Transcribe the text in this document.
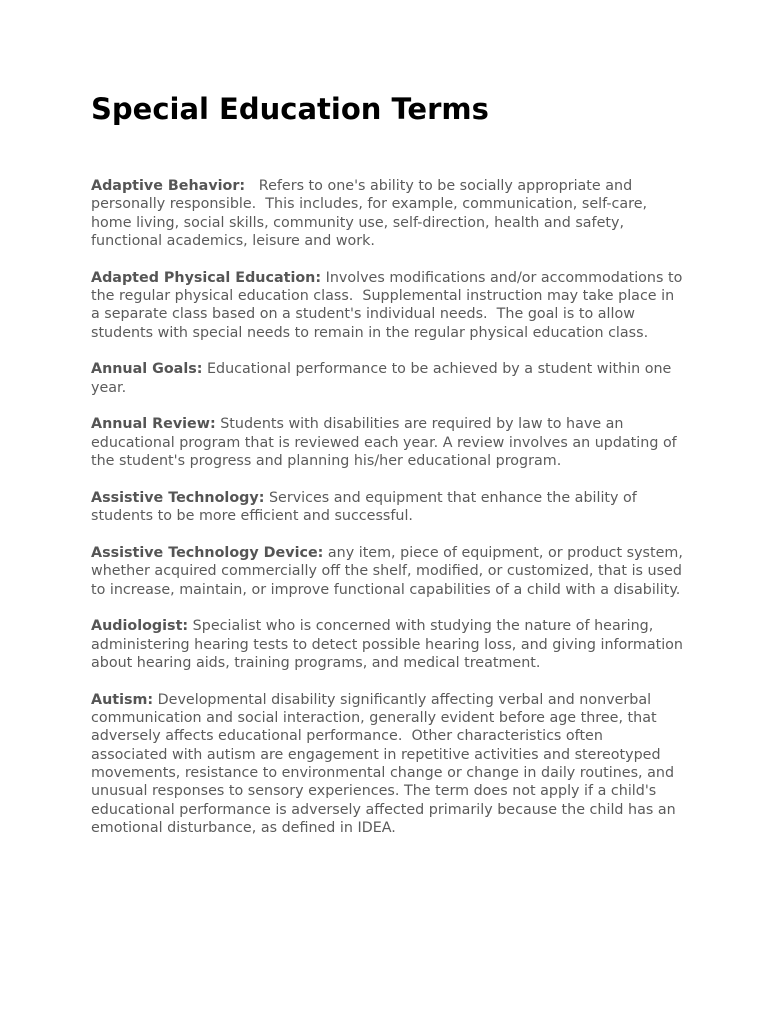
Special Education Terms

Adaptive Behavior:   Refers to one's ability to be socially appropriate and personally responsible.  This includes, for example, communication, self-care, home living, social skills, community use, self-direction, health and safety, functional academics, leisure and work.

Adapted Physical Education: Involves modifications and/or accommodations to the regular physical education class.  Supplemental instruction may take place in a separate class based on a student's individual needs.  The goal is to allow students with special needs to remain in the regular physical education class.

Annual Goals: Educational performance to be achieved by a student within one year.

Annual Review: Students with disabilities are required by law to have an educational program that is reviewed each year. A review involves an updating of the student's progress and planning his/her educational program.

Assistive Technology: Services and equipment that enhance the ability of students to be more efficient and successful.

Assistive Technology Device: any item, piece of equipment, or product system, whether acquired commercially off the shelf, modified, or customized, that is used to increase, maintain, or improve functional capabilities of a child with a disability.

Audiologist: Specialist who is concerned with studying the nature of hearing, administering hearing tests to detect possible hearing loss, and giving information about hearing aids, training programs, and medical treatment.

Autism: Developmental disability significantly affecting verbal and nonverbal communication and social interaction, generally evident before age three, that adversely affects educational performance.  Other characteristics often associated with autism are engagement in repetitive activities and stereotyped movements, resistance to environmental change or change in daily routines, and unusual responses to sensory experiences. The term does not apply if a child's educational performance is adversely affected primarily because the child has an emotional disturbance, as defined in IDEA.
